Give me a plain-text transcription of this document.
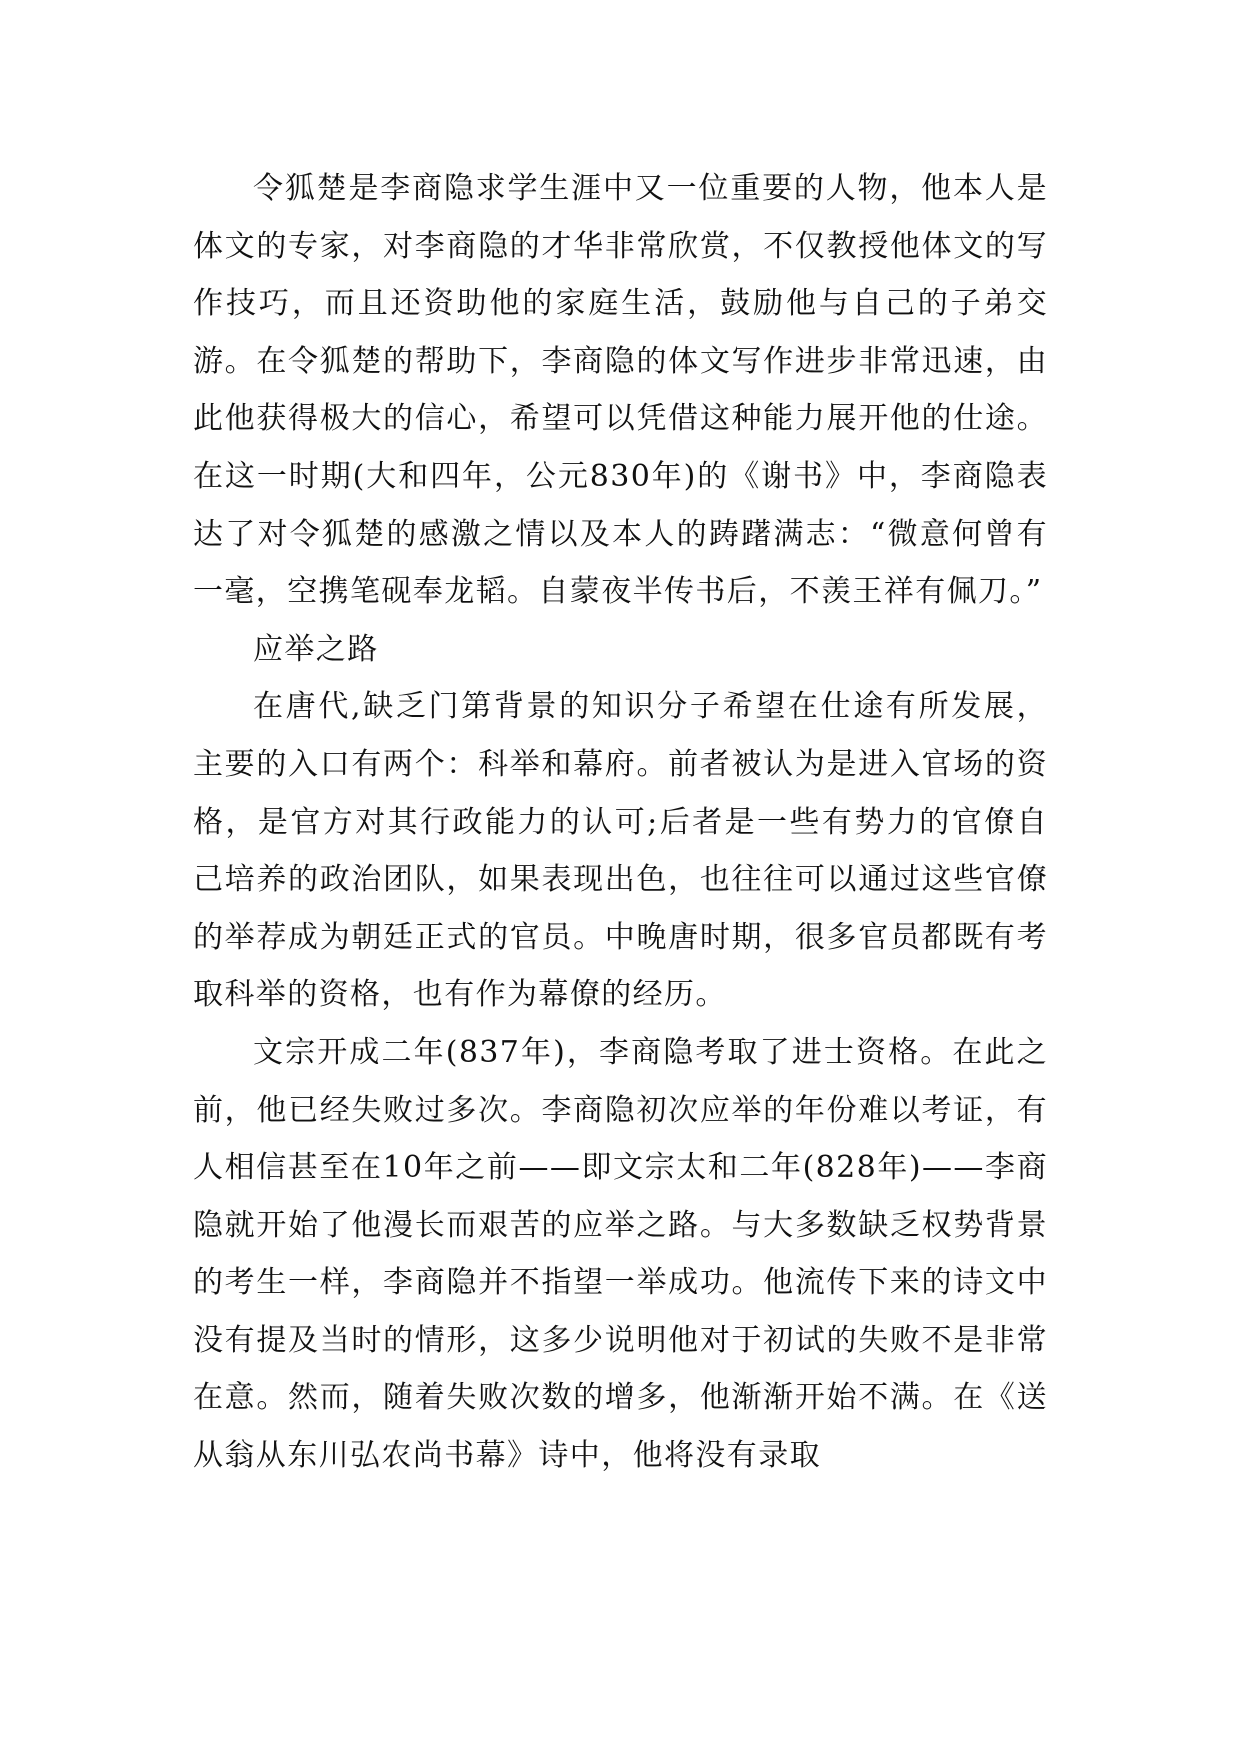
令狐楚是李商隐求学生涯中又一位重要的人物，他本人是体文的专家，对李商隐的才华非常欣赏，不仅教授他体文的写作技巧，而且还资助他的家庭生活，鼓励他与自己的子弟交游。在令狐楚的帮助下，李商隐的体文写作进步非常迅速，由此他获得极大的信心，希望可以凭借这种能力展开他的仕途。在这一时期(大和四年，公元830年)的《谢书》中，李商隐表达了对令狐楚的感激之情以及本人的踌躇满志：“微意何曾有一毫，空携笔砚奉龙韬。自蒙夜半传书后，不羡王祥有佩刀。”

应举之路

在唐代,缺乏门第背景的知识分子希望在仕途有所发展，主要的入口有两个：科举和幕府。前者被认为是进入官场的资格，是官方对其行政能力的认可;后者是一些有势力的官僚自己培养的政治团队，如果表现出色，也往往可以通过这些官僚的举荐成为朝廷正式的官员。中晚唐时期，很多官员都既有考取科举的资格，也有作为幕僚的经历。

文宗开成二年(837年)，李商隐考取了进士资格。在此之前，他已经失败过多次。李商隐初次应举的年份难以考证，有人相信甚至在10年之前——即文宗太和二年(828年)——李商隐就开始了他漫长而艰苦的应举之路。与大多数缺乏权势背景的考生一样，李商隐并不指望一举成功。他流传下来的诗文中没有提及当时的情形，这多少说明他对于初试的失败不是非常在意。然而，随着失败次数的增多，他渐渐开始不满。在《送从翁从东川弘农尚书幕》诗中，他将没有录取
